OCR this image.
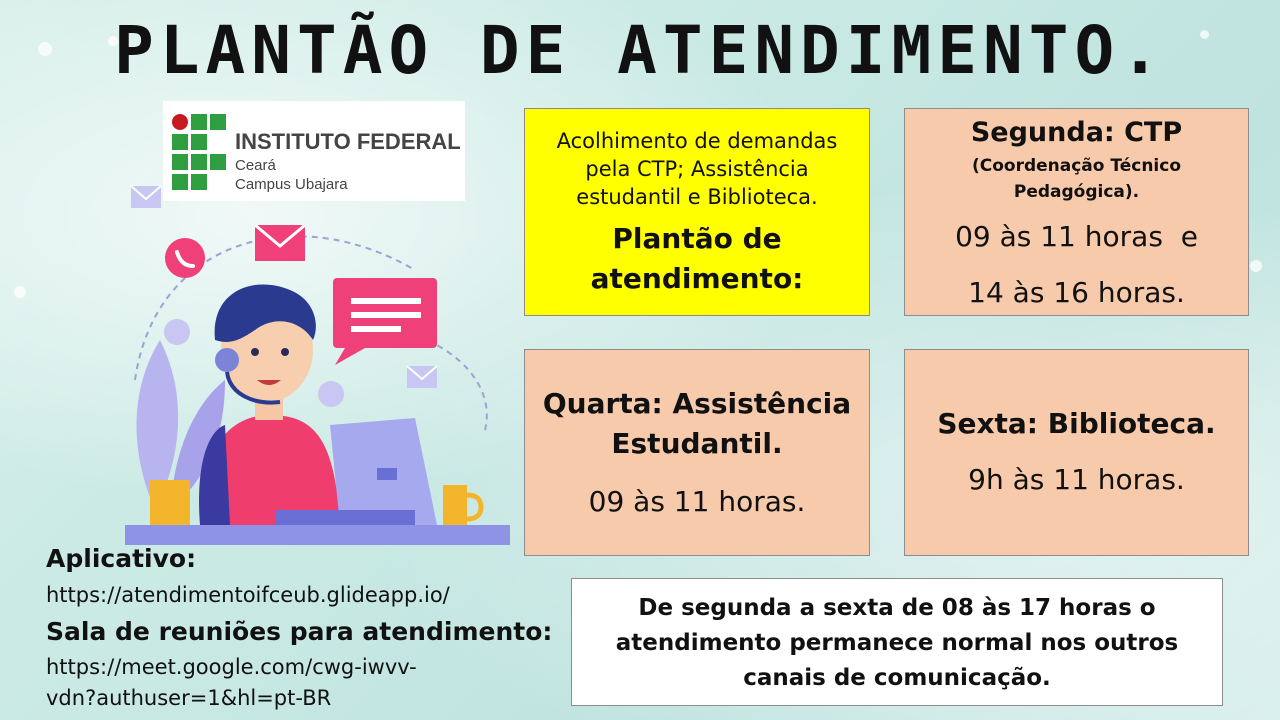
PLANTÃO DE ATENDIMENTO.
INSTITUTO FEDERAL
Ceará
Campus Ubajara
Acolhimento de demandas
pela CTP; Assistência
estudantil e Biblioteca.
Plantão de
atendimento:
Segunda: CTP
(Coordenação Técnico
Pedagógica).
09 às 11 horas  e
14 às 16 horas.
Quarta: Assistência
Estudantil.
09 às 11 horas.
Sexta: Biblioteca.
9h às 11 horas.
De segunda a sexta de 08 às 17 horas o
atendimento permanece normal nos outros
canais de comunicação.
Aplicativo:
https://atendimentoifceub.glideapp.io/
Sala de reuniões para atendimento:
https://meet.google.com/cwg-iwvv-
vdn?authuser=1&hl=pt-BR
